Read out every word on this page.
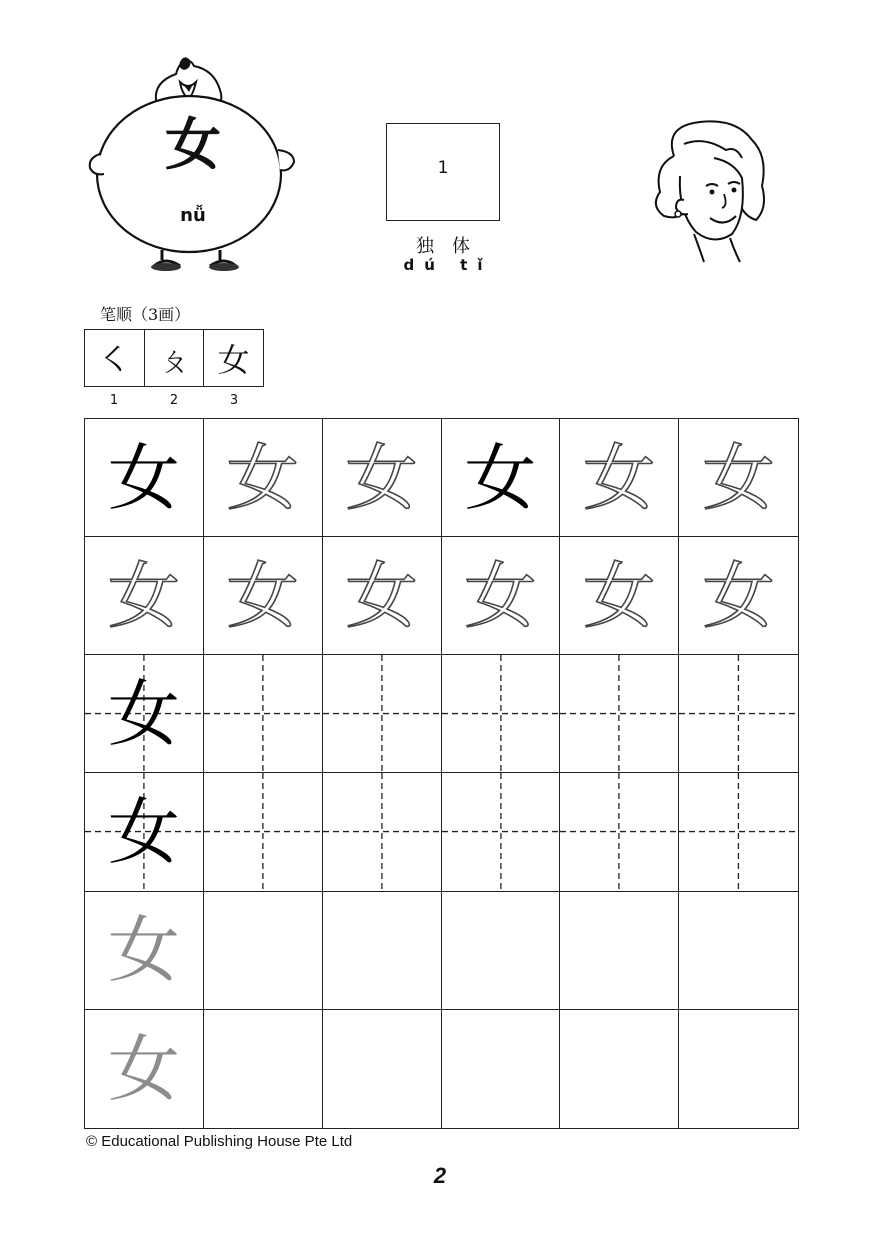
女
nǚ
1
独体
dú tǐ
笔顺（3画）
㇛ ㄆ 女
1	2	3
女 女 女 女 女 女
女 女 女 女 女 女
女
女
女
女
© Educational Publishing House Pte Ltd
2
